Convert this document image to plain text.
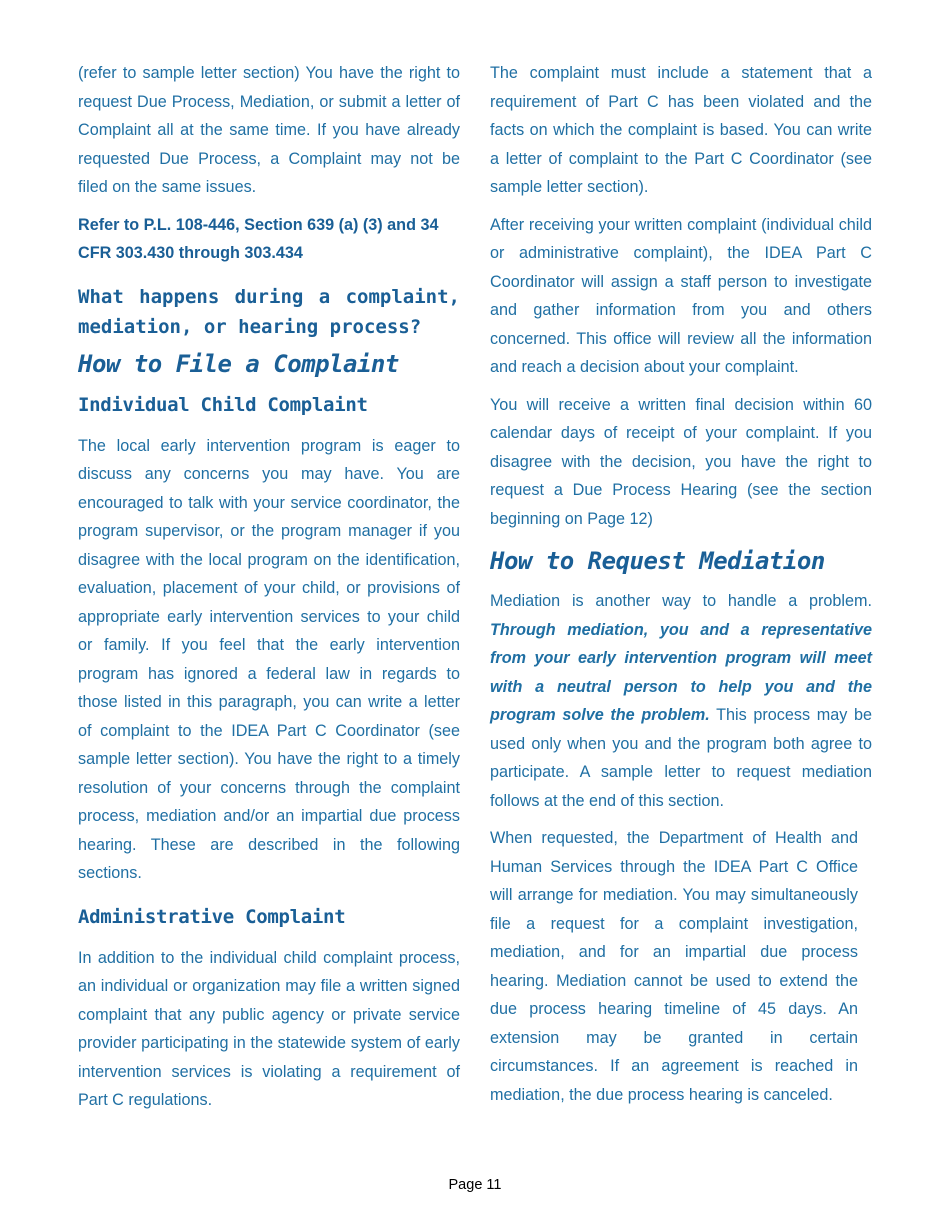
(refer to sample letter section) You have the right to request Due Process, Mediation, or submit a letter of Complaint all at the same time. If you have already requested Due Process, a Complaint may not be filed on the same issues.

Refer to P.L. 108-446, Section 639 (a) (3) and 34 CFR 303.430 through 303.434

What happens during a complaint, mediation, or hearing process?
How to File a Complaint
Individual Child Complaint

The local early intervention program is eager to discuss any concerns you may have. You are encouraged to talk with your service coordinator, the program supervisor, or the program manager if you disagree with the local program on the identification, evaluation, placement of your child, or provisions of appropriate early intervention services to your child or family. If you feel that the early intervention program has ignored a federal law in regards to those listed in this paragraph, you can write a letter of complaint to the IDEA Part C Coordinator (see sample letter section). You have the right to a timely resolution of your concerns through the complaint process, mediation and/or an impartial due process hearing. These are described in the following sections.

Administrative Complaint

In addition to the individual child complaint process, an individual or organization may file a written signed complaint that any public agency or private service provider participating in the statewide system of early intervention services is violating a requirement of Part C regulations.

The complaint must include a statement that a requirement of Part C has been violated and the facts on which the complaint is based. You can write a letter of complaint to the Part C Coordinator (see sample letter section).

After receiving your written complaint (individual child or administrative complaint), the IDEA Part C Coordinator will assign a staff person to investigate and gather information from you and others concerned. This office will review all the information and reach a decision about your complaint.

You will receive a written final decision within 60 calendar days of receipt of your complaint. If you disagree with the decision, you have the right to request a Due Process Hearing (see the section beginning on Page 12)

How to Request Mediation

Mediation is another way to handle a problem. Through mediation, you and a representative from your early intervention program will meet with a neutral person to help you and the program solve the problem. This process may be used only when you and the program both agree to participate. A sample letter to request mediation follows at the end of this section.

When requested, the Department of Health and Human Services through the IDEA Part C Office will arrange for mediation. You may simultaneously file a request for a complaint investigation, mediation, and for an impartial due process hearing. Mediation cannot be used to extend the due process hearing timeline of 45 days. An extension may be granted in certain circumstances. If an agreement is reached in mediation, the due process hearing is canceled.

Page 11
